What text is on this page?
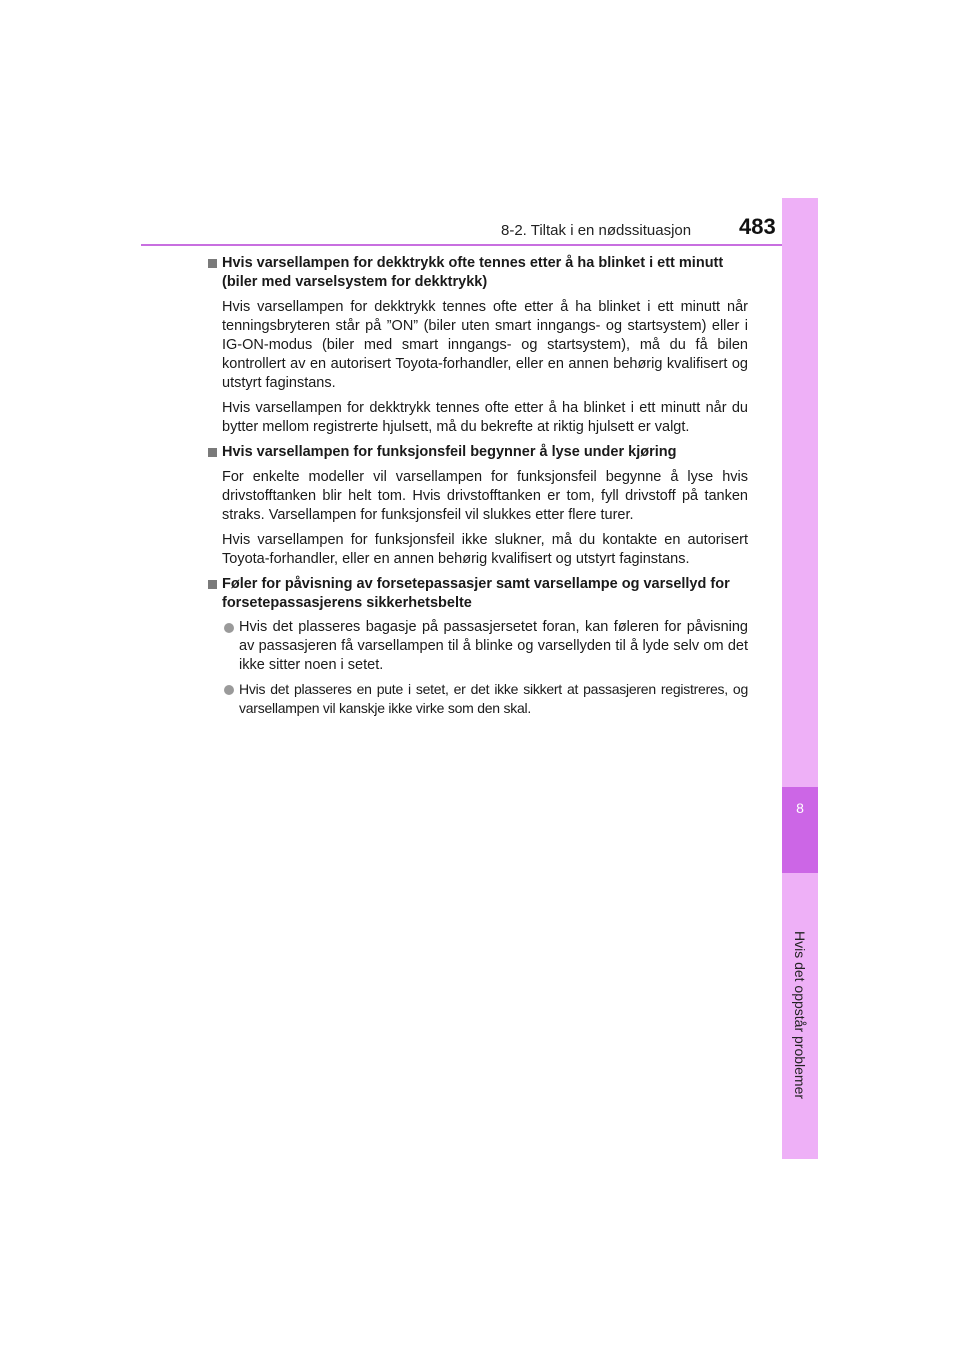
8-2. Tiltak i en nødssituasjon 483
8
Hvis det oppstår problemer
Hvis varsellampen for dekktrykk ofte tennes etter å ha blinket i ett minutt (biler med varselsystem for dekktrykk)
Hvis varsellampen for dekktrykk tennes ofte etter å ha blinket i ett minutt når tenningsbryteren står på ”ON” (biler uten smart inngangs- og startsystem) eller i IG-ON-modus (biler med smart inngangs- og startsystem), må du få bilen kontrollert av en autorisert Toyota-forhandler, eller en annen behørig kvalifisert og utstyrt faginstans.
Hvis varsellampen for dekktrykk tennes ofte etter å ha blinket i ett minutt når du bytter mellom registrerte hjulsett, må du bekrefte at riktig hjulsett er valgt.
Hvis varsellampen for funksjonsfeil begynner å lyse under kjøring
For enkelte modeller vil varsellampen for funksjonsfeil begynne å lyse hvis drivstofftanken blir helt tom. Hvis drivstofftanken er tom, fyll drivstoff på tanken straks. Varsellampen for funksjonsfeil vil slukkes etter flere turer.
Hvis varsellampen for funksjonsfeil ikke slukner, må du kontakte en autorisert Toyota-forhandler, eller en annen behørig kvalifisert og utstyrt faginstans.
Føler for påvisning av forsetepassasjer samt varsellampe og varsellyd for forsetepassasjerens sikkerhetsbelte
Hvis det plasseres bagasje på passasjersetet foran, kan føleren for påvisning av passasjeren få varsellampen til å blinke og varsellyden til å lyde selv om det ikke sitter noen i setet.
Hvis det plasseres en pute i setet, er det ikke sikkert at passasjeren registreres, og varsellampen vil kanskje ikke virke som den skal.
